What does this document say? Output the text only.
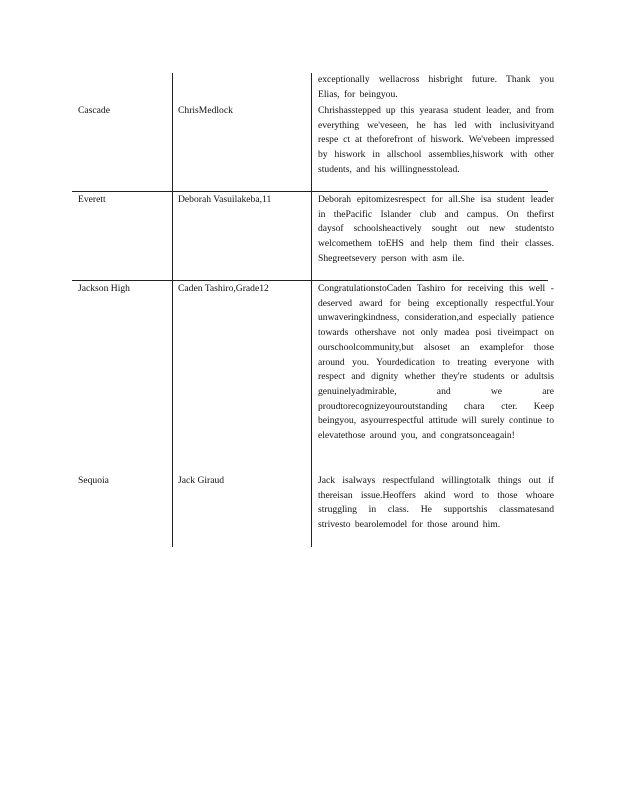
exceptionally wellacross hisbright future. Thank you Elias, for beingyou.
Cascade	ChrisMedlock	Chrishasstepped up this yearasa student leader, and from everything we'veseen, he has led with inclusivityand respe ct at theforefront of hiswork. We'vebeen impressed by hiswork in allschool assemblies,hiswork with other students, and his willingnesstolead.
Everett	Deborah Vasuilakeba,11	Deborah epitomizesrespect for all.She isa student leader in thePacific Islander club and campus. On thefirst daysof schoolsheactively sought out new studentsto welcomethem toEHS and help them find their classes. Shegreetsevery person with asm ile.
Jackson High	Caden Tashiro,Grade12	CongratulationstoCaden Tashiro for receiving this well -deserved award for being exceptionally respectful.Your unwaveringkindness, consideration,and especially patience towards othershave not only madea posi tiveimpact on ourschoolcommunity,but alsoset an examplefor those around you. Yourdedication to treating everyone with respect and dignity whether they're students or adultsis genuinelyadmirable, and we are proudtorecognizeyouroutstanding chara cter. Keep beingyou, asyourrespectful attitude will surely continue to elevatethose around you, and congratsonceagain!
Sequoia	Jack Giraud	Jack isalways respectfuland willingtotalk things out if thereisan issue.Heoffers akind word to those whoare struggling in class. He supportshis classmatesand strivesto bearolemodel for those around him.
